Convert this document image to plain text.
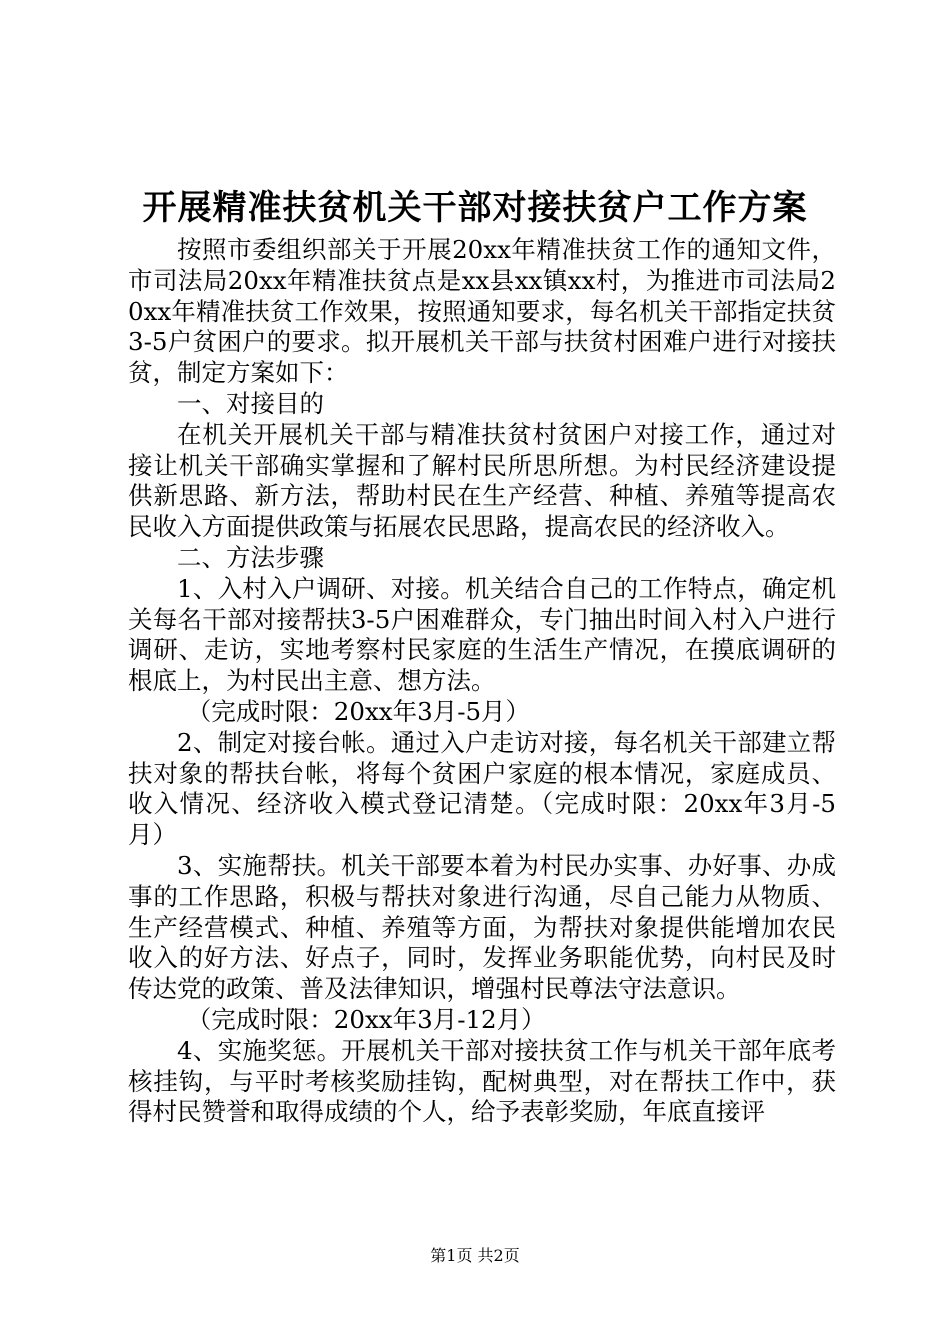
开展精准扶贫机关干部对接扶贫户工作方案

按照市委组织部关于开展20xx年精准扶贫工作的通知文件，市司法局20xx年精准扶贫点是xx县xx镇xx村，为推进市司法局20xx年精准扶贫工作效果，按照通知要求，每名机关干部指定扶贫3-5户贫困户的要求。拟开展机关干部与扶贫村困难户进行对接扶贫，制定方案如下：

一、对接目的

在机关开展机关干部与精准扶贫村贫困户对接工作，通过对接让机关干部确实掌握和了解村民所思所想。为村民经济建设提供新思路、新方法，帮助村民在生产经营、种植、养殖等提高农民收入方面提供政策与拓展农民思路，提高农民的经济收入。

二、方法步骤

1、入村入户调研、对接。机关结合自己的工作特点，确定机关每名干部对接帮扶3-5户困难群众，专门抽出时间入村入户进行调研、走访，实地考察村民家庭的生活生产情况，在摸底调研的根底上，为村民出主意、想方法。

（完成时限：20xx年3月-5月）

2、制定对接台帐。通过入户走访对接，每名机关干部建立帮扶对象的帮扶台帐，将每个贫困户家庭的根本情况，家庭成员、收入情况、经济收入模式登记清楚。（完成时限：20xx年3月-5月）

3、实施帮扶。机关干部要本着为村民办实事、办好事、办成事的工作思路，积极与帮扶对象进行沟通，尽自己能力从物质、生产经营模式、种植、养殖等方面，为帮扶对象提供能增加农民收入的好方法、好点子，同时，发挥业务职能优势，向村民及时传达党的政策、普及法律知识，增强村民尊法守法意识。

（完成时限：20xx年3月-12月）

4、实施奖惩。开展机关干部对接扶贫工作与机关干部年底考核挂钩，与平时考核奖励挂钩，配树典型，对在帮扶工作中，获得村民赞誉和取得成绩的个人，给予表彰奖励，年底直接评

第1页 共2页
